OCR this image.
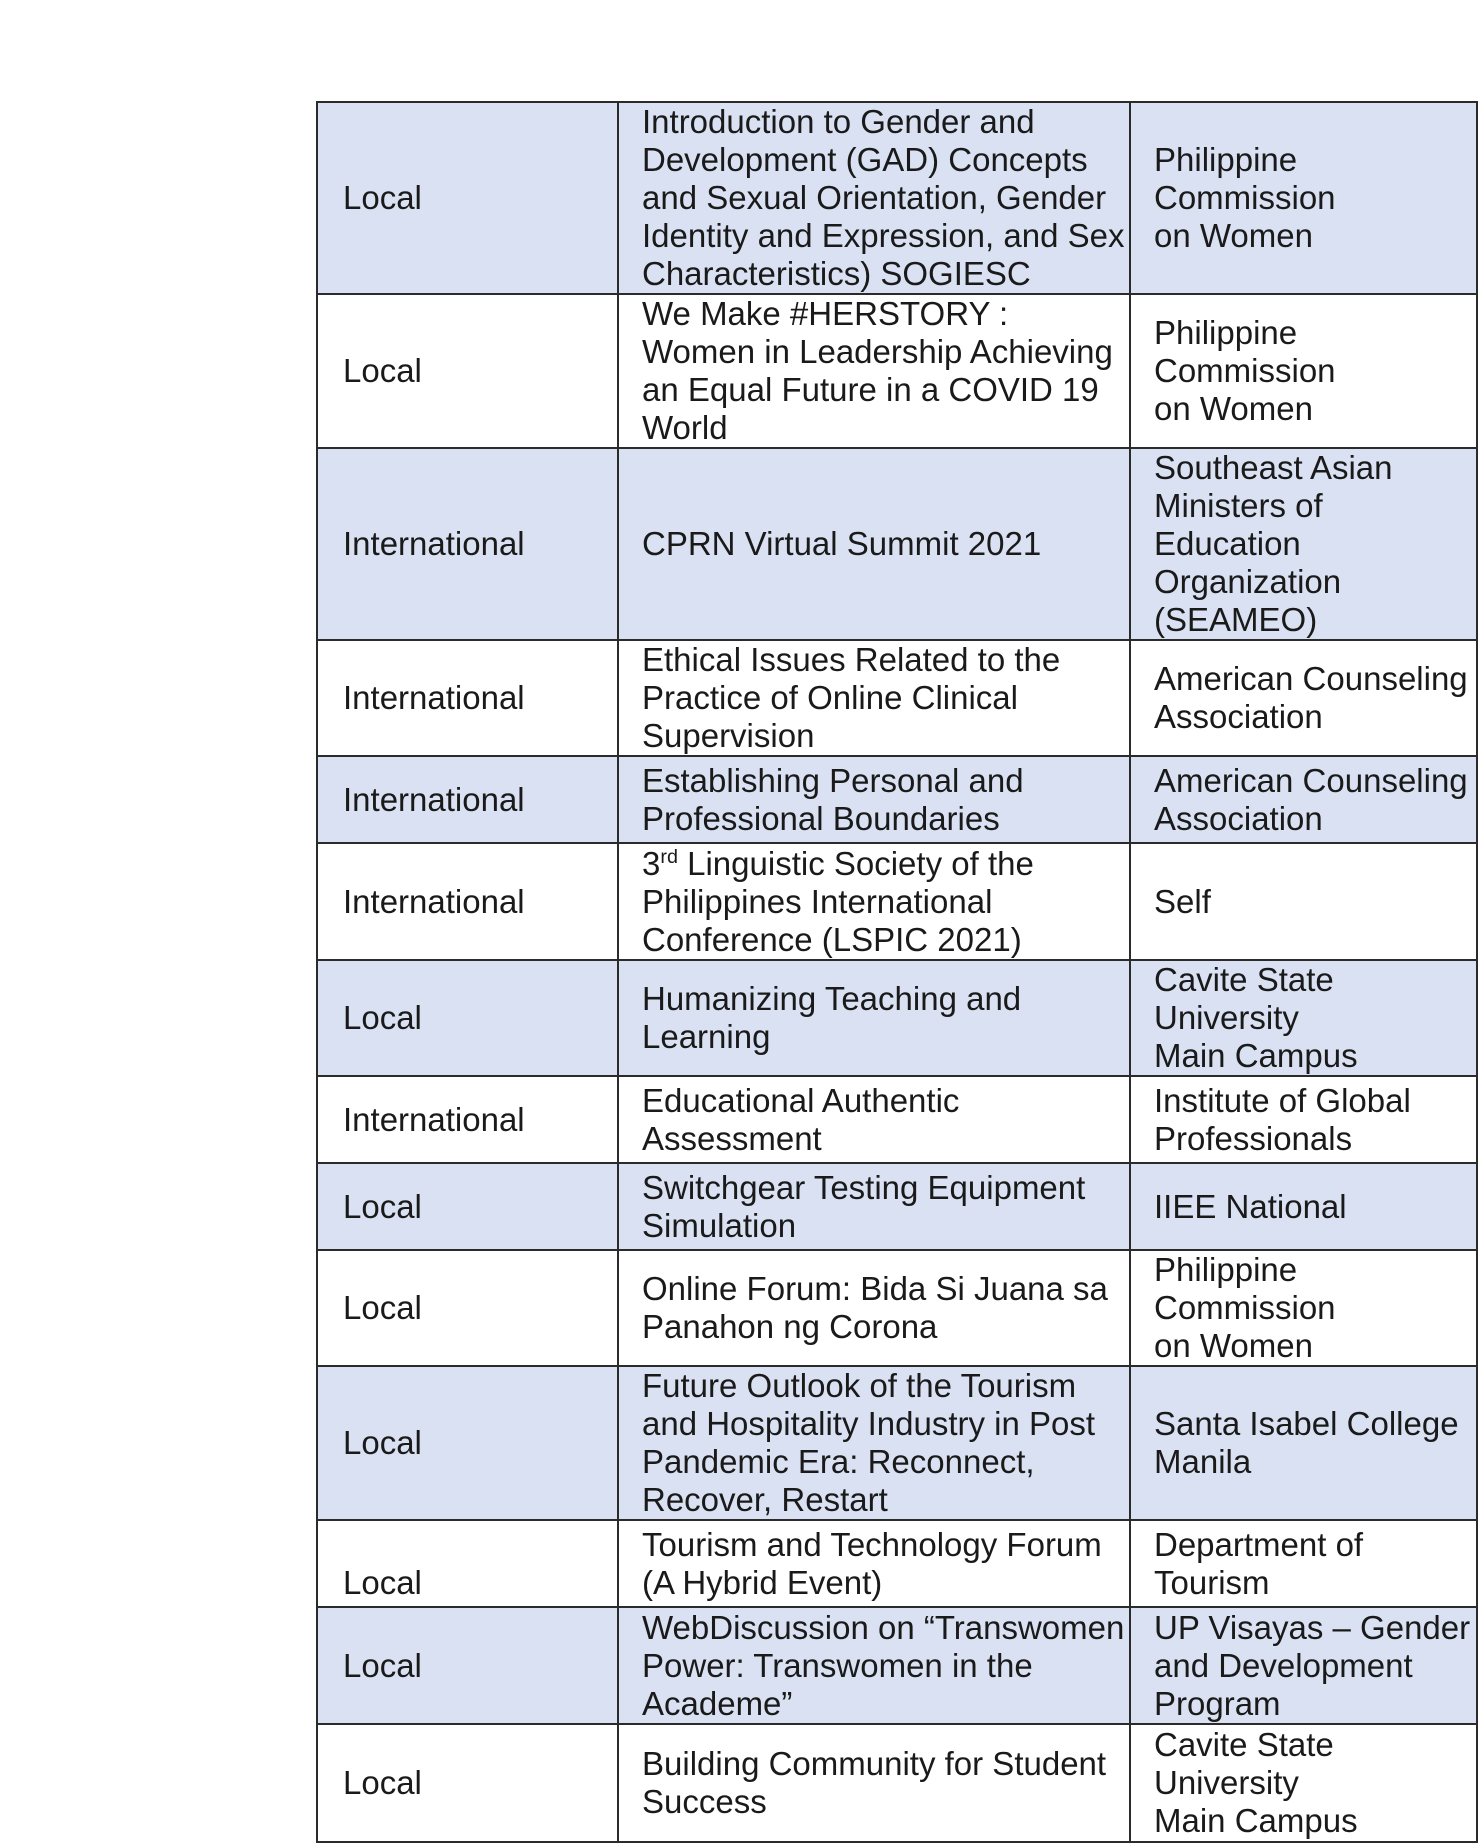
Local	Introduction to Gender and
Development (GAD) Concepts
and Sexual Orientation, Gender
Identity and Expression, and Sex
Characteristics) SOGIESC	Philippine Commission
on Women
Local	We Make #HERSTORY :
Women in Leadership Achieving
an Equal Future in a COVID 19
World	Philippine Commission
on Women
International	CPRN Virtual Summit 2021	Southeast Asian
Ministers of Education
Organization (SEAMEO)
International	Ethical Issues Related to the
Practice of Online Clinical
Supervision	American Counseling
Association
International	Establishing Personal and
Professional Boundaries	American Counseling
Association
International	3rd Linguistic Society of the
Philippines International
Conference (LSPIC 2021)	Self
Local	Humanizing Teaching and
Learning	Cavite State University
Main Campus
International	Educational Authentic
Assessment	Institute of Global
Professionals
Local	Switchgear Testing Equipment
Simulation	IIEE National
Local	Online Forum: Bida Si Juana sa
Panahon ng Corona	Philippine Commission
on Women
Local	Future Outlook of the Tourism
and Hospitality Industry in Post
Pandemic Era: Reconnect,
Recover, Restart	Santa Isabel College
Manila
Local	Tourism and Technology Forum
(A Hybrid Event)	Department of Tourism
Local	WebDiscussion on “Transwomen
Power: Transwomen in the
Academe”	UP Visayas – Gender
and Development
Program
Local	Building Community for Student
Success	Cavite State University
Main Campus
